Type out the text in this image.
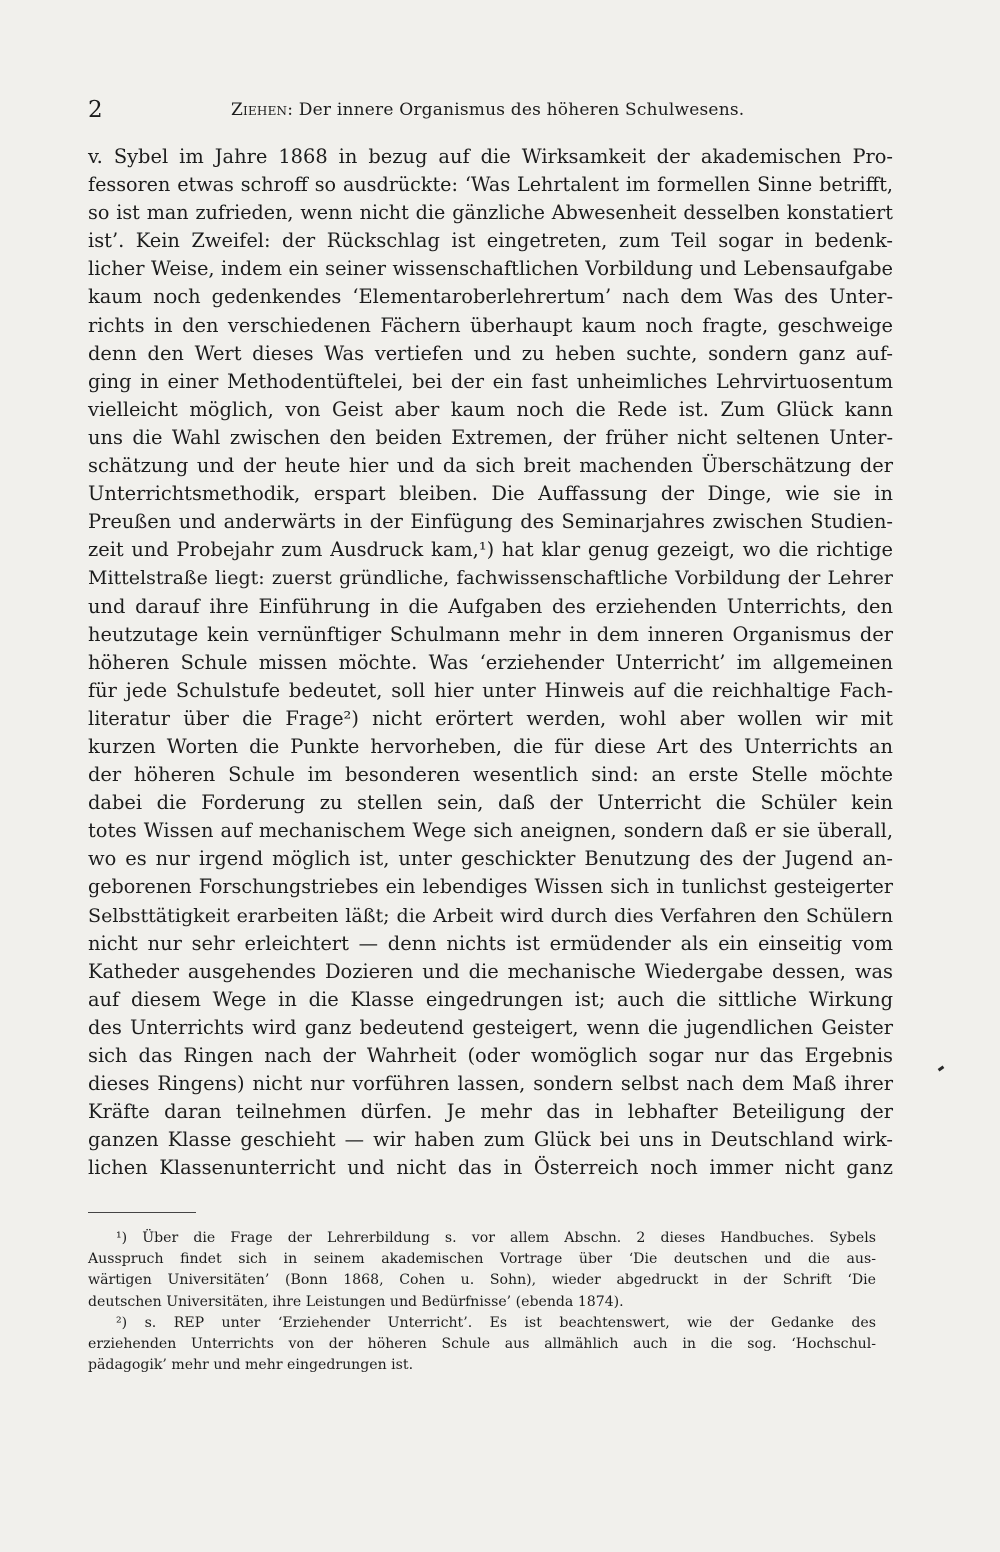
2	Ziehen: Der innere Organismus des höheren Schulwesens.
v. Sybel im Jahre 1868 in bezug auf die Wirksamkeit der akademischen Pro-
fessoren etwas schroff so ausdrückte: ‘Was Lehrtalent im formellen Sinne betrifft,
so ist man zufrieden, wenn nicht die gänzliche Abwesenheit desselben konstatiert
ist’. Kein Zweifel: der Rückschlag ist eingetreten, zum Teil sogar in bedenk-
licher Weise, indem ein seiner wissenschaftlichen Vorbildung und Lebensaufgabe
kaum noch gedenkendes ‘Elementaroberlehrertum’ nach dem Was des Unter-
richts in den verschiedenen Fächern überhaupt kaum noch fragte, geschweige
denn den Wert dieses Was vertiefen und zu heben suchte, sondern ganz auf-
ging in einer Methodentüftelei, bei der ein fast unheimliches Lehrvirtuosentum
vielleicht möglich, von Geist aber kaum noch die Rede ist. Zum Glück kann
uns die Wahl zwischen den beiden Extremen, der früher nicht seltenen Unter-
schätzung und der heute hier und da sich breit machenden Überschätzung der
Unterrichtsmethodik, erspart bleiben. Die Auffassung der Dinge, wie sie in
Preußen und anderwärts in der Einfügung des Seminarjahres zwischen Studien-
zeit und Probejahr zum Ausdruck kam,¹) hat klar genug gezeigt, wo die richtige
Mittelstraße liegt: zuerst gründliche, fachwissenschaftliche Vorbildung der Lehrer
und darauf ihre Einführung in die Aufgaben des erziehenden Unterrichts, den
heutzutage kein vernünftiger Schulmann mehr in dem inneren Organismus der
höheren Schule missen möchte. Was ‘erziehender Unterricht’ im allgemeinen
für jede Schulstufe bedeutet, soll hier unter Hinweis auf die reichhaltige Fach-
literatur über die Frage²) nicht erörtert werden, wohl aber wollen wir mit
kurzen Worten die Punkte hervorheben, die für diese Art des Unterrichts an
der höheren Schule im besonderen wesentlich sind: an erste Stelle möchte
dabei die Forderung zu stellen sein, daß der Unterricht die Schüler kein
totes Wissen auf mechanischem Wege sich aneignen, sondern daß er sie überall,
wo es nur irgend möglich ist, unter geschickter Benutzung des der Jugend an-
geborenen Forschungstriebes ein lebendiges Wissen sich in tunlichst gesteigerter
Selbsttätigkeit erarbeiten läßt; die Arbeit wird durch dies Verfahren den Schülern
nicht nur sehr erleichtert — denn nichts ist ermüdender als ein einseitig vom
Katheder ausgehendes Dozieren und die mechanische Wiedergabe dessen, was
auf diesem Wege in die Klasse eingedrungen ist; auch die sittliche Wirkung
des Unterrichts wird ganz bedeutend gesteigert, wenn die jugendlichen Geister
sich das Ringen nach der Wahrheit (oder womöglich sogar nur das Ergebnis
dieses Ringens) nicht nur vorführen lassen, sondern selbst nach dem Maß ihrer
Kräfte daran teilnehmen dürfen. Je mehr das in lebhafter Beteiligung der
ganzen Klasse geschieht — wir haben zum Glück bei uns in Deutschland wirk-
lichen Klassenunterricht und nicht das in Österreich noch immer nicht ganz
¹) Über die Frage der Lehrerbildung s. vor allem Abschn. 2 dieses Handbuches. Sybels
Ausspruch findet sich in seinem akademischen Vortrage über ‘Die deutschen und die aus-
wärtigen Universitäten’ (Bonn 1868, Cohen u. Sohn), wieder abgedruckt in der Schrift ‘Die
deutschen Universitäten, ihre Leistungen und Bedürfnisse’ (ebenda 1874).
²) s. REP unter ‘Erziehender Unterricht’. Es ist beachtenswert, wie der Gedanke des
erziehenden Unterrichts von der höheren Schule aus allmählich auch in die sog. ‘Hochschul-
pädagogik’ mehr und mehr eingedrungen ist.
